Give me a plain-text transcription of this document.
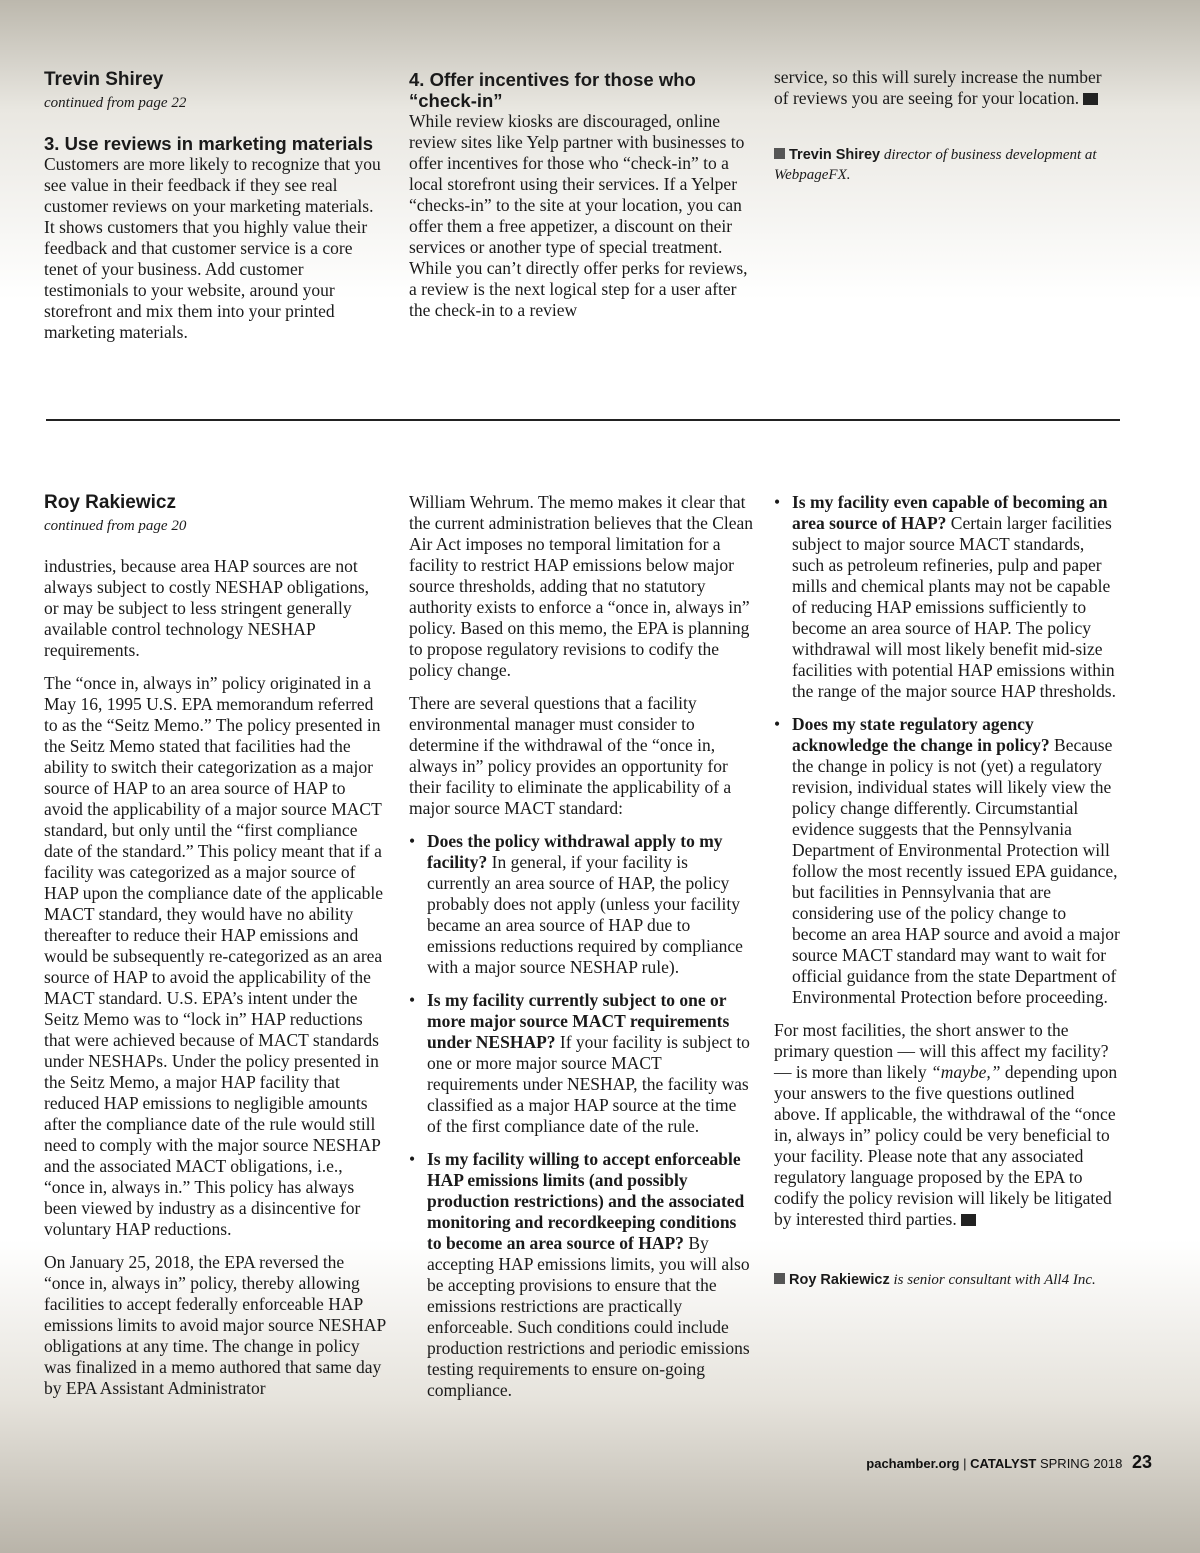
Trevin Shirey
continued from page 22
3. Use reviews in marketing materials

Customers are more likely to recognize that you see value in their feedback if they see real customer reviews on your marketing materials. It shows customers that you highly value their feedback and that customer service is a core tenet of your business. Add customer testimonials to your website, around your storefront and mix them into your printed marketing materials.

4. Offer incentives for those who “check-in”

While review kiosks are discouraged, online review sites like Yelp partner with businesses to offer incentives for those who “check-in” to a local storefront using their services. If a Yelper “checks-in” to the site at your location, you can offer them a free appetizer, a discount on their services or another type of special treatment. While you can’t directly offer perks for reviews, a review is the next logical step for a user after the check-in to a review

service, so this will surely increase the number of reviews you are seeing for your location.

Trevin Shirey director of business development at WebpageFX.
Roy Rakiewicz
continued from page 20

industries, because area HAP sources are not always subject to costly NESHAP obligations, or may be subject to less stringent generally available control technology NESHAP requirements.

The “once in, always in” policy originated in a May 16, 1995 U.S. EPA memorandum referred to as the “Seitz Memo.” The policy presented in the Seitz Memo stated that facilities had the ability to switch their categorization as a major source of HAP to an area source of HAP to avoid the applicability of a major source MACT standard, but only until the “first compliance date of the standard.” This policy meant that if a facility was categorized as a major source of HAP upon the compliance date of the applicable MACT standard, they would have no ability thereafter to reduce their HAP emissions and would be subsequently re-categorized as an area source of HAP to avoid the applicability of the MACT standard. U.S. EPA’s intent under the Seitz Memo was to “lock in” HAP reductions that were achieved because of MACT standards under NESHAPs. Under the policy presented in the Seitz Memo, a major HAP facility that reduced HAP emissions to negligible amounts after the compliance date of the rule would still need to comply with the major source NESHAP and the associated MACT obligations, i.e., “once in, always in.” This policy has always been viewed by industry as a disincentive for voluntary HAP reductions.

On January 25, 2018, the EPA reversed the “once in, always in” policy, thereby allowing facilities to accept federally enforceable HAP emissions limits to avoid major source NESHAP obligations at any time. The change in policy was finalized in a memo authored that same day by EPA Assistant Administrator

William Wehrum. The memo makes it clear that the current administration believes that the Clean Air Act imposes no temporal limitation for a facility to restrict HAP emissions below major source thresholds, adding that no statutory authority exists to enforce a “once in, always in” policy. Based on this memo, the EPA is planning to propose regulatory revisions to codify the policy change.

There are several questions that a facility environmental manager must consider to determine if the withdrawal of the “once in, always in” policy provides an opportunity for their facility to eliminate the applicability of a major source MACT standard:

• Does the policy withdrawal apply to my facility? In general, if your facility is currently an area source of HAP, the policy probably does not apply (unless your facility became an area source of HAP due to emissions reductions required by compliance with a major source NESHAP rule).
• Is my facility currently subject to one or more major source MACT requirements under NESHAP? If your facility is subject to one or more major source MACT requirements under NESHAP, the facility was classified as a major HAP source at the time of the first compliance date of the rule.
• Is my facility willing to accept enforceable HAP emissions limits (and possibly production restrictions) and the associated monitoring and recordkeeping conditions to become an area source of HAP? By accepting HAP emissions limits, you will also be accepting provisions to ensure that the emissions restrictions are practically enforceable. Such conditions could include production restrictions and periodic emissions testing requirements to ensure on-going compliance.
• Is my facility even capable of becoming an area source of HAP? Certain larger facilities subject to major source MACT standards, such as petroleum refineries, pulp and paper mills and chemical plants may not be capable of reducing HAP emissions sufficiently to become an area source of HAP. The policy withdrawal will most likely benefit mid-size facilities with potential HAP emissions within the range of the major source HAP thresholds.
• Does my state regulatory agency acknowledge the change in policy? Because the change in policy is not (yet) a regulatory revision, individual states will likely view the policy change differently. Circumstantial evidence suggests that the Pennsylvania Department of Environmental Protection will follow the most recently issued EPA guidance, but facilities in Pennsylvania that are considering use of the policy change to become an area HAP source and avoid a major source MACT standard may want to wait for official guidance from the state Department of Environmental Protection before proceeding.

For most facilities, the short answer to the primary question — will this affect my facility? — is more than likely “maybe,” depending upon your answers to the five questions outlined above. If applicable, the withdrawal of the “once in, always in” policy could be very beneficial to your facility. Please note that any associated regulatory language proposed by the EPA to codify the policy revision will likely be litigated by interested third parties.

Roy Rakiewicz is senior consultant with All4 Inc.
pachamber.org | CATALYST SPRING 2018 23
